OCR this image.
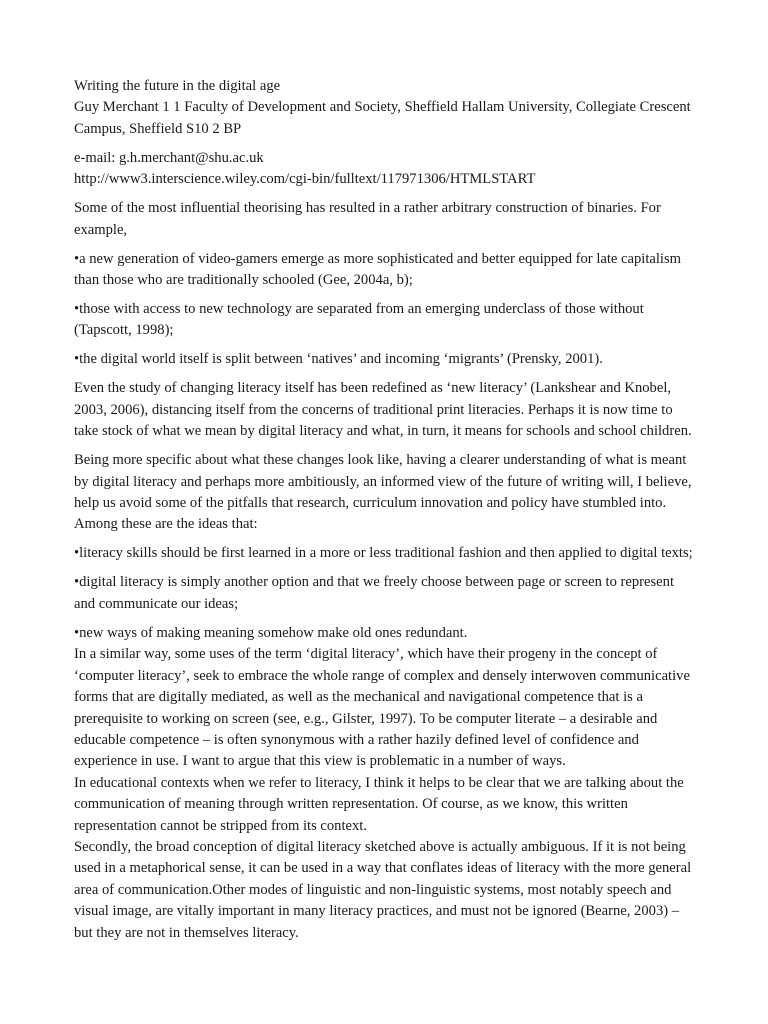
Writing the future in the digital age

Guy Merchant 1 1 Faculty of Development and Society, Sheffield Hallam University, Collegiate Crescent Campus, Sheffield S10 2 BP

e-mail: g.h.merchant@shu.ac.uk

http://www3.interscience.wiley.com/cgi-bin/fulltext/117971306/HTMLSTART

Some of the most influential theorising has resulted in a rather arbitrary construction of binaries. For example,

•a new generation of video-gamers emerge as more sophisticated and better equipped for late capitalism than those who are traditionally schooled (Gee, 2004a, b);

•those with access to new technology are separated from an emerging underclass of those without (Tapscott, 1998);

•the digital world itself is split between ‘natives’ and incoming ‘migrants’ (Prensky, 2001).

Even the study of changing literacy itself has been redefined as ‘new literacy’ (Lankshear and Knobel, 2003, 2006), distancing itself from the concerns of traditional print literacies. Perhaps it is now time to take stock of what we mean by digital literacy and what, in turn, it means for schools and school children.

Being more specific about what these changes look like, having a clearer understanding of what is meant by digital literacy and perhaps more ambitiously, an informed view of the future of writing will, I believe, help us avoid some of the pitfalls that research, curriculum innovation and policy have stumbled into. Among these are the ideas that:

•literacy skills should be first learned in a more or less traditional fashion and then applied to digital texts;

•digital literacy is simply another option and that we freely choose between page or screen to represent and communicate our ideas;

•new ways of making meaning somehow make old ones redundant.

In a similar way, some uses of the term ‘digital literacy’, which have their progeny in the concept of ‘computer literacy’, seek to embrace the whole range of complex and densely interwoven communicative forms that are digitally mediated, as well as the mechanical and navigational competence that is a prerequisite to working on screen (see, e.g., Gilster, 1997). To be computer literate – a desirable and educable competence – is often synonymous with a rather hazily defined level of confidence and experience in use. I want to argue that this view is problematic in a number of ways.

In educational contexts when we refer to literacy, I think it helps to be clear that we are talking about the communication of meaning through written representation. Of course, as we know, this written representation cannot be stripped from its context.

Secondly, the broad conception of digital literacy sketched above is actually ambiguous. If it is not being used in a metaphorical sense, it can be used in a way that conflates ideas of literacy with the more general area of communication.Other modes of linguistic and non-linguistic systems, most notably speech and visual image, are vitally important in many literacy practices, and must not be ignored (Bearne, 2003) – but they are not in themselves literacy.
